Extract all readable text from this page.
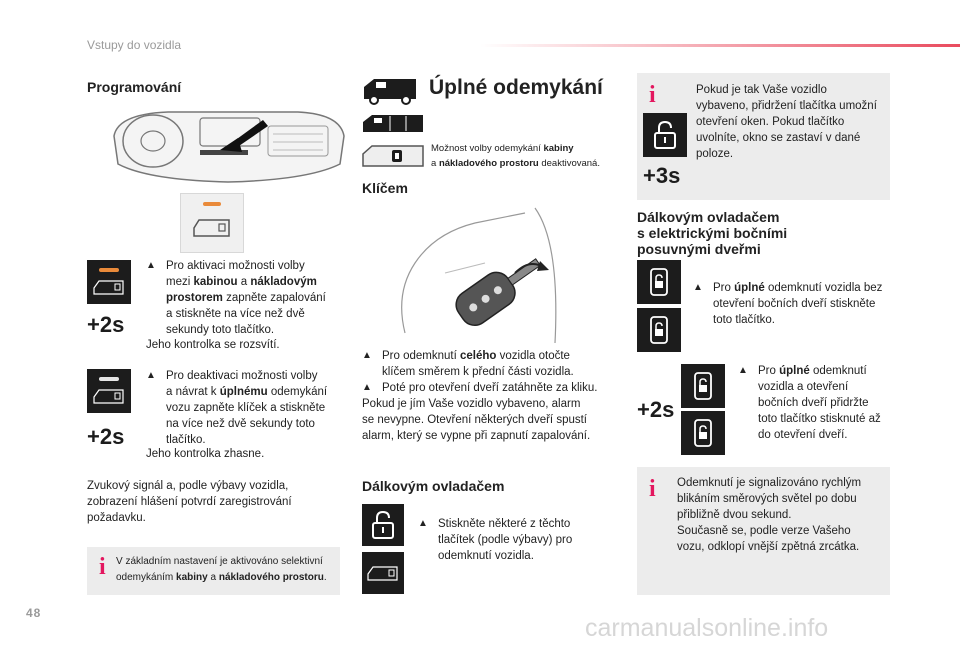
Vstupy do vozidla
Programování
+2s
▲ Pro aktivaci možnosti volby
mezi kabinou a nákladovým
prostorem zapněte zapalování
a stiskněte na více než dvě
sekundy toto tlačítko.
Jeho kontrolka se rozsvítí.
+2s
▲ Pro deaktivaci možnosti volby
a návrat k úplnému odemykání
vozu zapněte klíček a stiskněte
na více než dvě sekundy toto
tlačítko.
Jeho kontrolka zhasne.
Zvukový signál a, podle výbavy vozidla,
zobrazení hlášení potvrdí zaregistrování
požadavku.
i V základním nastavení je aktivováno selektivní
odemykáním kabiny a nákladového prostoru.
Úplné odemykání
Možnost volby odemykání kabiny
a nákladového prostoru deaktivovaná.
Klíčem
▲ Pro odemknutí celého vozidla otočte
klíčem směrem k přední části vozidla.
▲ Poté pro otevření dveří zatáhněte za kliku.
Pokud je jím Vaše vozidlo vybaveno, alarm
se nevypne. Otevření některých dveří spustí
alarm, který se vypne při zapnutí zapalování.
Dálkovým ovladačem
▲ Stiskněte některé z těchto
tlačítek (podle výbavy) pro
odemknutí vozidla.
i
+3s
Pokud je tak Vaše vozidlo
vybaveno, přidržení tlačítka umožní
otevření oken. Pokud tlačítko
uvolníte, okno se zastaví v dané
poloze.
Dálkovým ovladačem
s elektrickými bočními
posuvnými dveřmi
▲ Pro úplné odemknutí vozidla bez
otevření bočních dveří stiskněte
toto tlačítko.
+2s
▲ Pro úplné odemknutí
vozidla a otevření
bočních dveří přidržte
toto tlačítko stisknuté až
do otevření dveří.
i Odemknutí je signalizováno rychlým
blikáním směrových světel po dobu
přibližně dvou sekund.
Současně se, podle verze Vašeho
vozu, odklopí vnější zpětná zrcátka.
48
carmanualsonline.info
